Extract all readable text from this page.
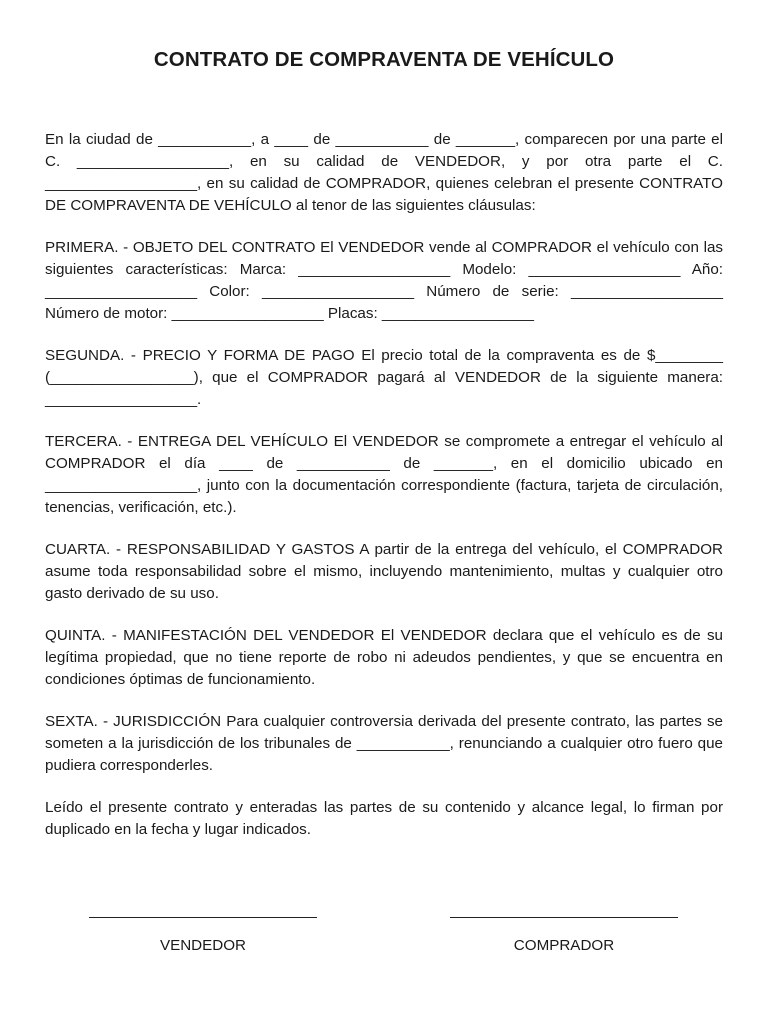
CONTRATO DE COMPRAVENTA DE VEHÍCULO

En la ciudad de ___________, a ____ de ___________ de _______, comparecen por una parte el C. __________________, en su calidad de VENDEDOR, y por otra parte el C. __________________, en su calidad de COMPRADOR, quienes celebran el presente CONTRATO DE COMPRAVENTA DE VEHÍCULO al tenor de las siguientes cláusulas:

PRIMERA. - OBJETO DEL CONTRATO El VENDEDOR vende al COMPRADOR el vehículo con las siguientes características: Marca: __________________ Modelo: __________________ Año: __________________ Color: __________________ Número de serie: __________________ Número de motor: __________________ Placas: __________________

SEGUNDA. - PRECIO Y FORMA DE PAGO El precio total de la compraventa es de $________ (_________________), que el COMPRADOR pagará al VENDEDOR de la siguiente manera: __________________.

TERCERA. - ENTREGA DEL VEHÍCULO El VENDEDOR se compromete a entregar el vehículo al COMPRADOR el día ____ de ___________ de _______, en el domicilio ubicado en __________________, junto con la documentación correspondiente (factura, tarjeta de circulación, tenencias, verificación, etc.).

CUARTA. - RESPONSABILIDAD Y GASTOS A partir de la entrega del vehículo, el COMPRADOR asume toda responsabilidad sobre el mismo, incluyendo mantenimiento, multas y cualquier otro gasto derivado de su uso.

QUINTA. - MANIFESTACIÓN DEL VENDEDOR El VENDEDOR declara que el vehículo es de su legítima propiedad, que no tiene reporte de robo ni adeudos pendientes, y que se encuentra en condiciones óptimas de funcionamiento.

SEXTA. - JURISDICCIÓN Para cualquier controversia derivada del presente contrato, las partes se someten a la jurisdicción de los tribunales de ___________, renunciando a cualquier otro fuero que pudiera corresponderles.

Leído el presente contrato y enteradas las partes de su contenido y alcance legal, lo firman por duplicado en la fecha y lugar indicados.

VENDEDOR	COMPRADOR
